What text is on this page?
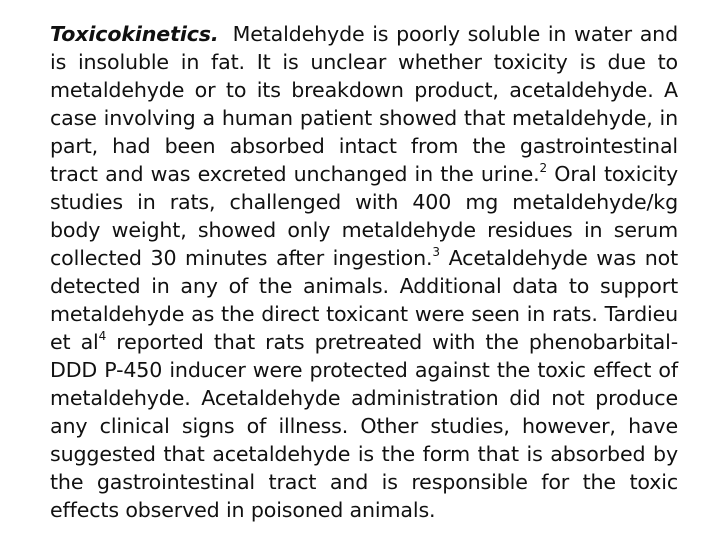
Toxicokinetics. Metaldehyde is poorly soluble in water and is insoluble in fat. It is unclear whether toxicity is due to metaldehyde or to its breakdown product, acetaldehyde. A case involving a human patient showed that metaldehyde, in part, had been absorbed intact from the gastrointestinal tract and was excreted unchanged in the urine.$^2$ Oral toxicity studies in rats, challenged with 400 mg metaldehyde/kg body weight, showed only metaldehyde residues in serum collected 30 minutes after ingestion.$^3$ Acetaldehyde was not detected in any of the animals. Additional data to support metaldehyde as the direct toxicant were seen in rats. Tardieu et $al^4$ reported that rats pretreated with the phenobarbital-DDD P-450 inducer were protected against the toxic effect of metaldehyde. Acetaldehyde administration did not produce any clinical signs of illness. Other studies, however, have suggested that acetaldehyde is the form that is absorbed by the gastrointestinal tract and is responsible for the toxic effects observed in poisoned animals.
